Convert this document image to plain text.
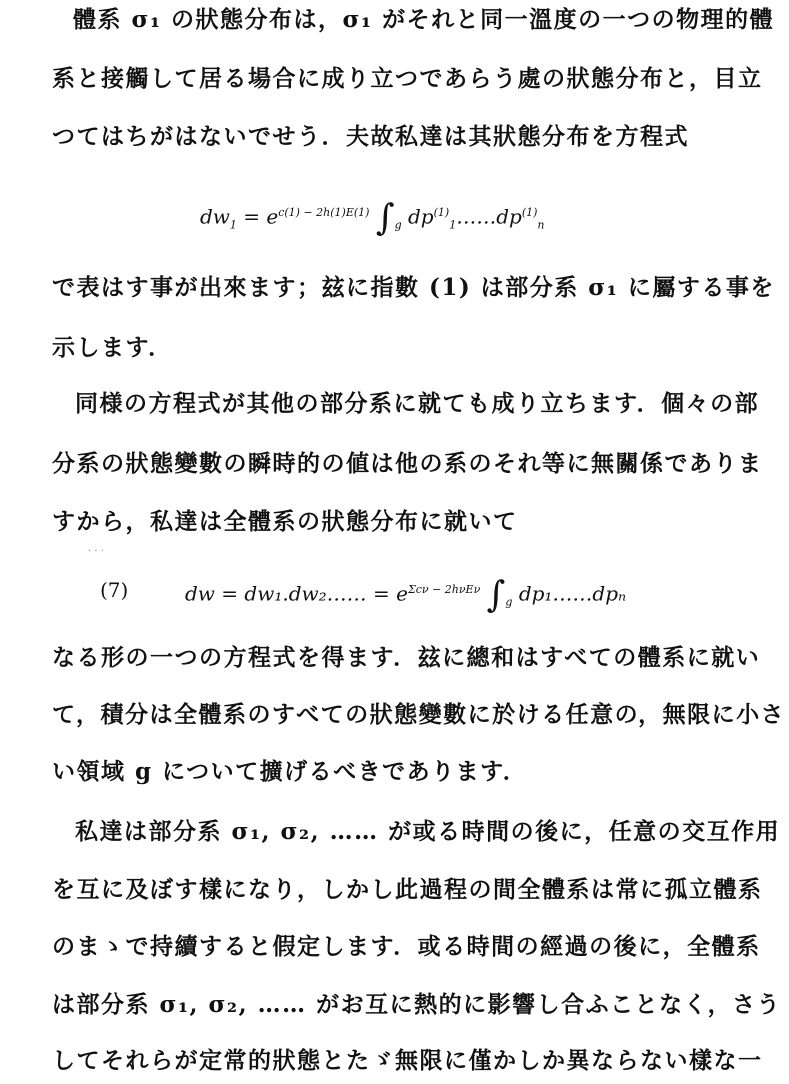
體系 σ₁ の狀態分布は，σ₁ がそれと同一溫度の一つの物理的體
系と接觸して居る場合に成り立つであらう處の狀態分布と，目立
つてはちがはないでせう．夫故私達は其狀態分布を方程式
$dw_1 = e^{c(1) - 2h(1)E(1)}$ $\int_g$ $dp^{(1)}_1\dots\dots dp^{(1)}_n$
で表はす事が出來ます；玆に指數 (1) は部分系 σ₁ に屬する事を
示します．
同様の方程式が其他の部分系に就ても成り立ちます．個々の部
分系の狀態變數の瞬時的の値は他の系のそれ等に無關係でありま
すから，私達は全體系の狀態分布に就いて
· · ·
(7)	dw = dw₁.dw₂…… = $e^{\Sigma c\nu - 2h\nu E\nu}$ $\int_g$ dp₁……dpₙ
なる形の一つの方程式を得ます．玆に總和はすべての體系に就い
て，積分は全體系のすべての狀態變數に於ける任意の，無限に小さ
い領域 g について擴げるべきであります．
私達は部分系 σ₁, σ₂, …… が或る時間の後に，任意の交互作用
を互に及ぼす樣になり，しかし此過程の間全體系は常に孤立體系
のまゝで持續すると假定します．或る時間の經過の後に，全體系
は部分系 σ₁, σ₂, …… がお互に熱的に影響し合ふことなく，さう
してそれらが定常的狀態とたゞ無限に僅かしか異ならない樣な一
